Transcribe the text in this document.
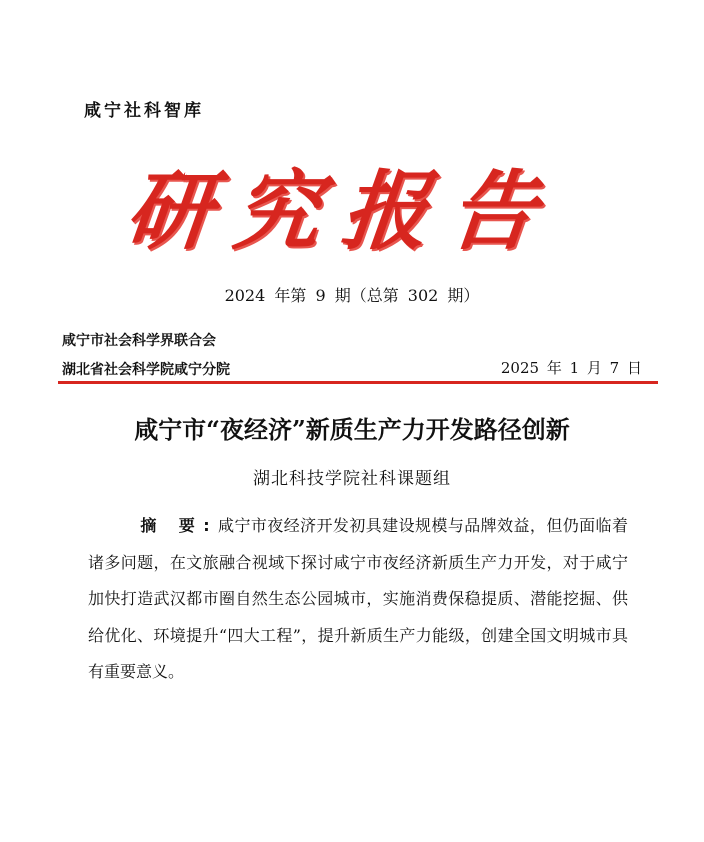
咸宁社科智库
研究报告
2024 年第 9 期（总第 302 期）
咸宁市社会科学界联合会
湖北省社会科学院咸宁分院	2025 年 1 月 7 日
咸宁市“夜经济”新质生产力开发路径创新
湖北科技学院社科课题组
摘 要:咸宁市夜经济开发初具建设规模与品牌效益，但仍面临着诸多问题，在文旅融合视域下探讨咸宁市夜经济新质生产力开发，对于咸宁加快打造武汉都市圈自然生态公园城市，实施消费保稳提质、潜能挖掘、供给优化、环境提升“四大工程”，提升新质生产力能级，创建全国文明城市具有重要意义。
